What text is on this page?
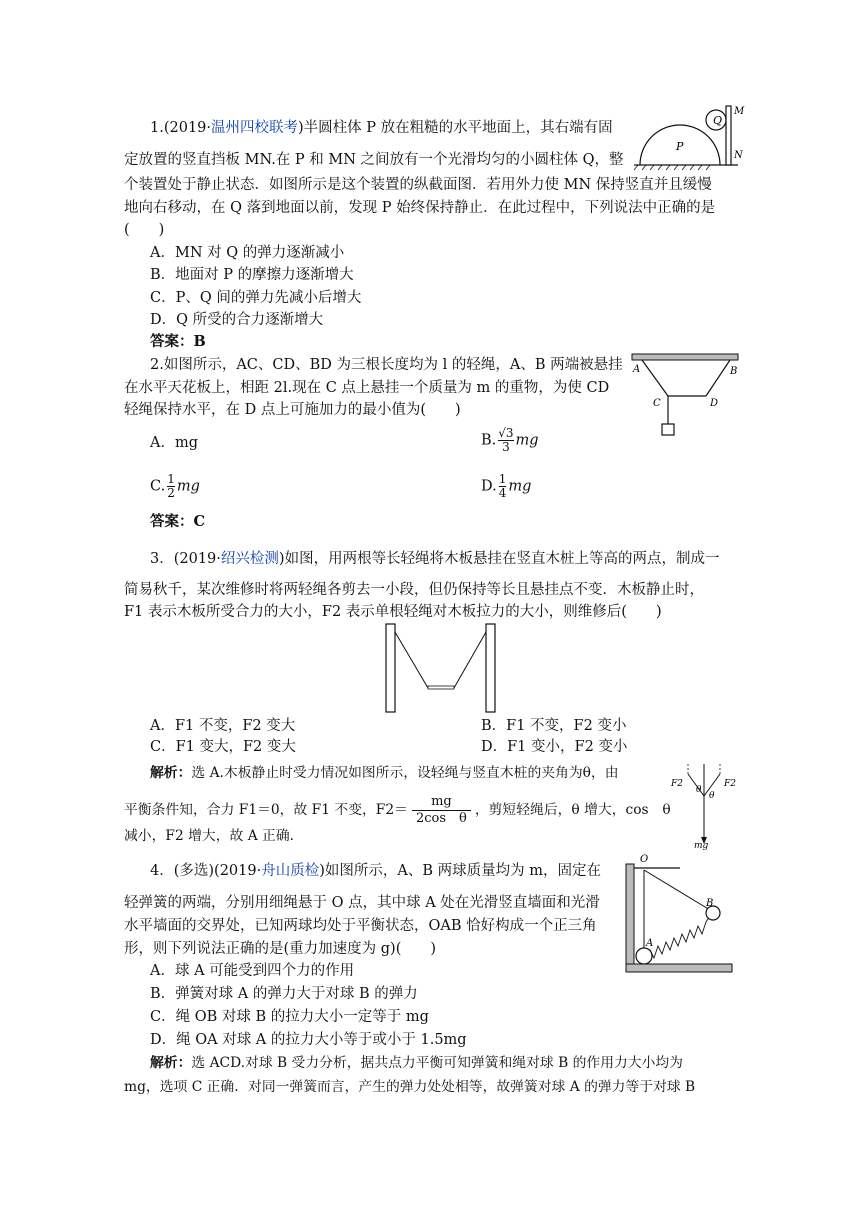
1.(2019·温州四校联考)半圆柱体 P 放在粗糙的水平地面上，其右端有固
定放置的竖直挡板 MN.在 P 和 MN 之间放有一个光滑均匀的小圆柱体 Q，整
个装置处于静止状态．如图所示是这个装置的纵截面图．若用外力使 MN 保持竖直并且缓慢
地向右移动，在 Q 落到地面以前，发现 P 始终保持静止．在此过程中，下列说法中正确的是
(　　)
A．MN 对 Q 的弹力逐渐减小
B．地面对 P 的摩擦力逐渐增大
C．P、Q 间的弹力先减小后增大
D．Q 所受的合力逐渐增大
答案：B
Q
P
M
N
2.如图所示，AC、CD、BD 为三根长度均为 l 的轻绳，A、B 两端被悬挂
在水平天花板上，相距 2l.现在 C 点上悬挂一个质量为 m 的重物，为使 CD
轻绳保持水平，在 D 点上可施加力的最小值为(　　)
A．mg	B. $\frac{√3}{3}$ mg
C. $\frac{1}{2}$ mg	D. $\frac{1}{4}$ mg
答案：C
A	B
C	D
3．(2019·绍兴检测)如图，用两根等长轻绳将木板悬挂在竖直木桩上等高的两点，制成一
简易秋千，某次维修时将两轻绳各剪去一小段，但仍保持等长且悬挂点不变．木板静止时，
F1 表示木板所受合力的大小，F2 表示单根轻绳对木板拉力的大小，则维修后(　　)
A．F1 不变，F2 变大	B．F1 不变，F2 变小
C．F1 变大，F2 变大	D．F1 变小，F2 变小
解析：选 A.木板静止时受力情况如图所示，设轻绳与竖直木桩的夹角为θ，由
平衡条件知，合力 F1＝0，故 F1 不变，$F2= \frac{mg}{\text{2cos　θ}}$ ，剪短轻绳后，θ 增大，cos　θ
减小，F2 增大，故 A 正确.
F2	F2
θ
θ
mg
4．(多选)(2019·舟山质检)如图所示，A、B 两球质量均为 m，固定在
轻弹簧的两端，分别用细绳悬于 O 点，其中球 A 处在光滑竖直墙面和光滑
水平墙面的交界处，已知两球均处于平衡状态，OAB 恰好构成一个正三角
形，则下列说法正确的是(重力加速度为 g)(　　)
A．球 A 可能受到四个力的作用
B．弹簧对球 A 的弹力大于对球 B 的弹力
C．绳 OB 对球 B 的拉力大小一定等于 mg
D．绳 OA 对球 A 的拉力大小等于或小于 1.5mg
解析：选 ACD.对球 B 受力分析，据共点力平衡可知弹簧和绳对球 B 的作用力大小均为
mg，选项 C 正确．对同一弹簧而言，产生的弹力处处相等，故弹簧对球 A 的弹力等于对球 B
O
A
B
